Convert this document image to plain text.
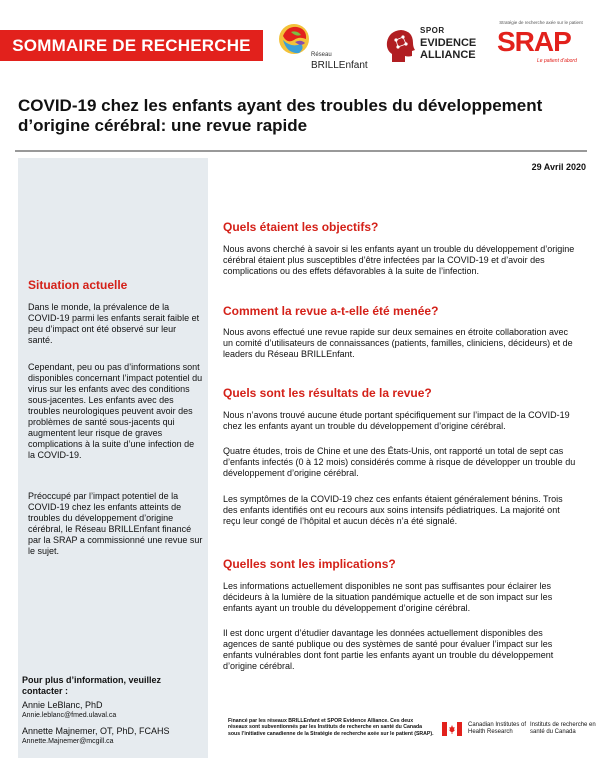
SOMMAIRE DE RECHERCHE	Réseau
BRILLEnfant
SPOR
EVIDENCE
ALLIANCE
Stratégie de recherche axée sur le patient
SRAP
Le patient d'abord
COVID-19 chez les enfants ayant des troubles du développement d’origine cérébral: une revue rapide
29 Avril 2020
Situation actuelle

Dans le monde, la prévalence de la COVID-19 parmi les enfants serait faible et peu d’impact ont été observé sur leur santé.

Cependant, peu ou pas d’informations sont disponibles concernant l’impact potentiel du virus sur les enfants avec des conditions sous-jacentes. Les enfants avec des troubles neurologiques peuvent avoir des problèmes de santé sous-jacents qui augmentent leur risque de graves complications à la suite d’une infection de la COVID-19.

Préoccupé par l’impact potentiel de la COVID-19 chez les enfants atteints de troubles du développement d’origine cérébral, le Réseau BRILLEnfant financé par la SRAP a commissionné une revue sur le sujet.

Pour plus d’information, veuillez contacter :
Annie LeBlanc, PhD
Annie.leblanc@fmed.ulaval.ca
Annette Majnemer, OT, PhD, FCAHS
Annette.Majnemer@mcgill.ca
Quels étaient les objectifs?

Nous avons cherché à savoir si les enfants ayant un trouble du développement d’origine cérébral étaient plus susceptibles d’être infectées par la COVID-19 et d’avoir des complications ou des effets défavorables à la suite de l’infection.

Comment la revue a-t-elle été menée?

Nous avons effectué une revue rapide sur deux semaines en étroite collaboration avec un comité d’utilisateurs de connaissances (patients, familles, cliniciens, décideurs) et de leaders du Réseau BRILLEnfant.

Quels sont les résultats de la revue?

Nous n’avons trouvé aucune étude portant spécifiquement sur l’impact de la COVID-19 chez les enfants ayant un trouble du développement d’origine cérébral.

Quatre études, trois de Chine et une des États-Unis, ont rapporté un total de sept cas d’enfants infectés (0 à 12 mois) considérés comme à risque de développer un trouble du développement d’origine cérébral.

Les symptômes de la COVID-19 chez ces enfants étaient généralement bénins. Trois des enfants identifiés ont eu recours aux soins intensifs pédiatriques. La majorité ont reçu leur congé de l’hôpital et aucun décès n’a été signalé.

Quelles sont les implications?

Les informations actuellement disponibles ne sont pas suffisantes pour éclairer les décideurs à la lumière de la situation pandémique actuelle et de son impact sur les enfants ayant un trouble du développement d’origine cérébral.

Il est donc urgent d’étudier davantage les données actuellement disponibles des agences de santé publique ou des systèmes de santé pour évaluer l’impact sur les enfants vulnérables dont font partie les enfants ayant un trouble du développement d’origine cérébral.

Financé par les réseaux BRILLEnfant et SPOR Evidence Alliance. Ces deux réseaux sont subventionnés par les Instituts de recherche en santé du Canada sous l’initiative canadienne de la Stratégie de recherche axée sur le patient (SRAP).
Canadian Institutes of Health Research
Instituts de recherche en santé du Canada
